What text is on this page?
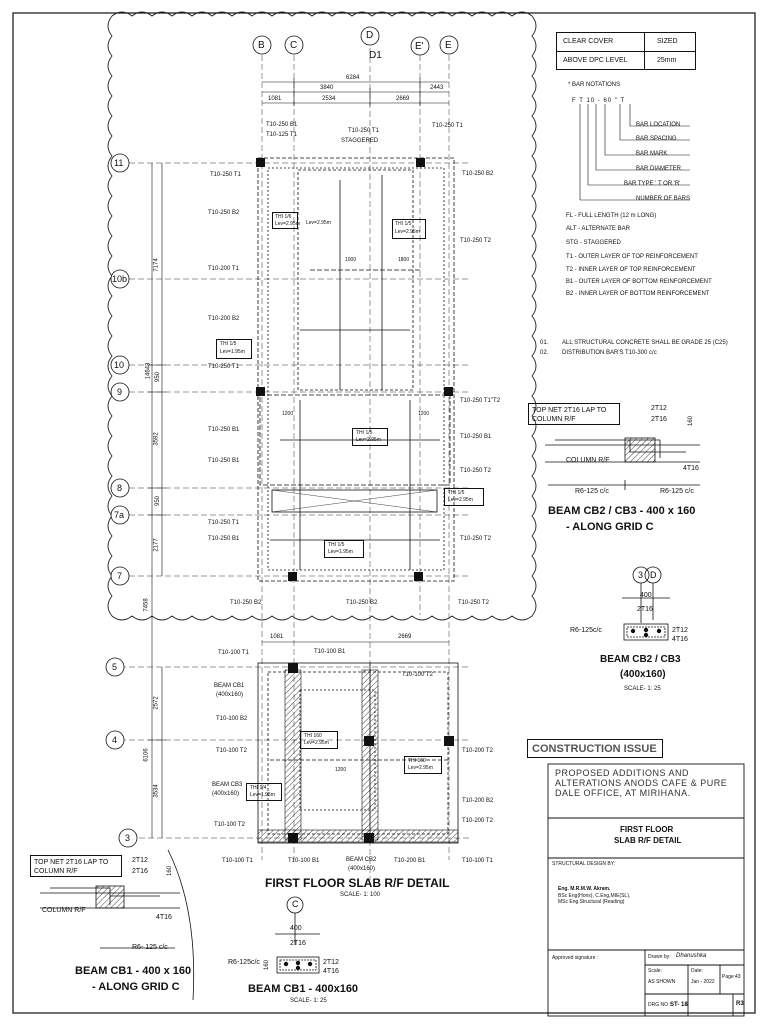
CLEAR COVER	SIZED
ABOVE DPC LEVEL	25mm
* BAR NOTATIONS
F T 10 - 60 " T
BAR LOCATION
BAR SPACING
BAR MARK
BAR DIAMETER
BAR TYPE ' T OR 'R'
NUMBER OF BARS
FL - FULL LENGTH (12 m LONG)
ALT - ALTERNATE BAR
STG - STAGGERED
T1 - OUTER LAYER OF TOP REINFORCEMENT
T2 - INNER LAYER OF TOP REINFORCEMENT
B1 - OUTER LAYER OF BOTTOM REINFORCEMENT
B2 - INNER LAYER OF BOTTOM REINFORCEMENT
01. ALL STRUCTURAL CONCRETE SHALL BE GRADE 25 (C25)
02. DISTRIBUTION BAR'S T10-300 c/c
B	C
D
D1
E' E
11
10b
10
9
8
7a
7
5
4
3
6284
3840	2443
1081	2534	2669
1081	2669
7174
14643 950
3592
950
2177
7458
2572
6106
3534
T10-250 B1
T10-125 T1
T10-250 T1
STAGGERED
T10-250 T1
T10-250 T1
T10-250 B2
T10-200 T1
T10-200 B2
T10-250 T1
T10-250 B1
T10-250 B1
T10-250 T1
T10-250 B1
T10-250 B2
T10-250 T2
T10-250 T1"T2
T10-250 B1
T10-250 T2
T10-250 T2
T10-250 B2	T10-250 B2	T10-250 T2
1000	1800
1200	1200
THI 1/6
Lev=2.95m Lev=2.95m	THI 1/5
Lev=2.95m
THI 1/5
Lev=1.95m
THI 1/5
Lev=2.95m
THI 1/5
Lev=2.95m
THI 1/5
Lev=1.95m
THI 160
Lev=2.95m
THI 160
Lev=2.95m
THI 1/4
Lev=1.95m
T10-100 T1	T10-100 B1
T10-100 T2
BEAM CB1
(400x160)
T10-100 B2
T10-100 T2
BEAM CB3
(400x160)
T10-100 T2
T10-200 T2
T10-200 B2
T10-200 T2
1200
T10-100 T1	T10-100 B1	BEAM CB2
(400x160)
T10-200 B1	T10-100 T1
FIRST FLOOR SLAB R/F DETAIL
SCALE- 1: 100
TOP NET 2T16 LAP TO COLUMN R/F
2T12
2T16	160
COLUMN R/F
4T16
R6-125 c/c	R6-125 c/c
BEAM CB2 / CB3 - 400 x 160
- ALONG GRID C
3 D
400
2T16
R6-125c/c	2T12
4T16
BEAM CB2 / CB3
(400x160)
SCALE- 1: 25
TOP NET 2T16 LAP TO COLUMN R/F
2T12
2T16	160
COLUMN R/F
4T16
R6- 125 c/c
BEAM CB1 - 400 x 160
- ALONG GRID C
C
400
2T16
R6-125c/c 160	2T12
4T16
BEAM CB1 - 400x160
SCALE- 1: 25
CONSTRUCTION ISSUE
PROPOSED ADDITIONS AND ALTERATIONS ANODS CAFE & PURE DALE OFFICE, AT MIRIHANA.
FIRST FLOOR
SLAB R/F DETAIL
STRUCTURAL DESIGN BY:
Eng. M.R.M.W. Akram.
BSc Eng(Hons), C.Eng,MIE(SL),
MSc Eng.Structural (Reading)
Approved signature :	Drawn by: Dhanushka
Scale:
AS SHOWN
Date:
Jan - 2022
Page: 43
DRG NO : ST- 18	R3
